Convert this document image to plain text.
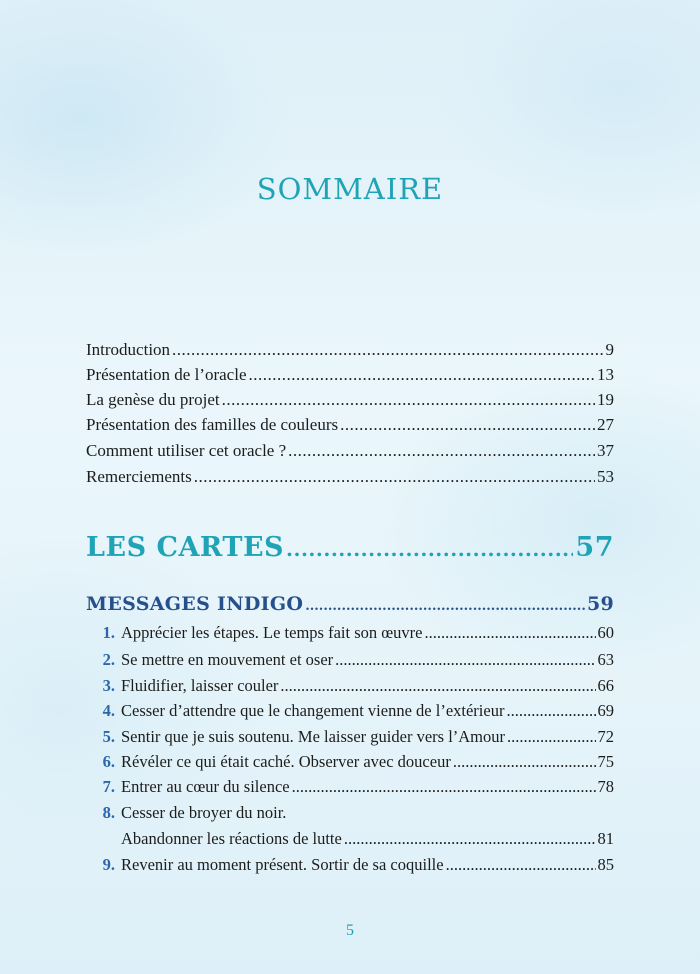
SOMMAIRE
Introduction .....	9
Présentation de l’oracle .....	13
La genèse du projet .....	19
Présentation des familles de couleurs .....	27
Comment utiliser cet oracle ? .....	37
Remerciements .....	53
LES CARTES .....	57
MESSAGES INDIGO .....	59
1. Apprécier les étapes. Le temps fait son œuvre .....	60
2. Se mettre en mouvement et oser .....	63
3. Fluidifier, laisser couler .....	66
4. Cesser d’attendre que le changement vienne de l’extérieur .....	69
5. Sentir que je suis soutenu. Me laisser guider vers l’Amour .....	72
6. Révéler ce qui était caché. Observer avec douceur .....	75
7. Entrer au cœur du silence .....	78
8. Cesser de broyer du noir.
Abandonner les réactions de lutte .....	81
9. Revenir au moment présent. Sortir de sa coquille .....	85
5
